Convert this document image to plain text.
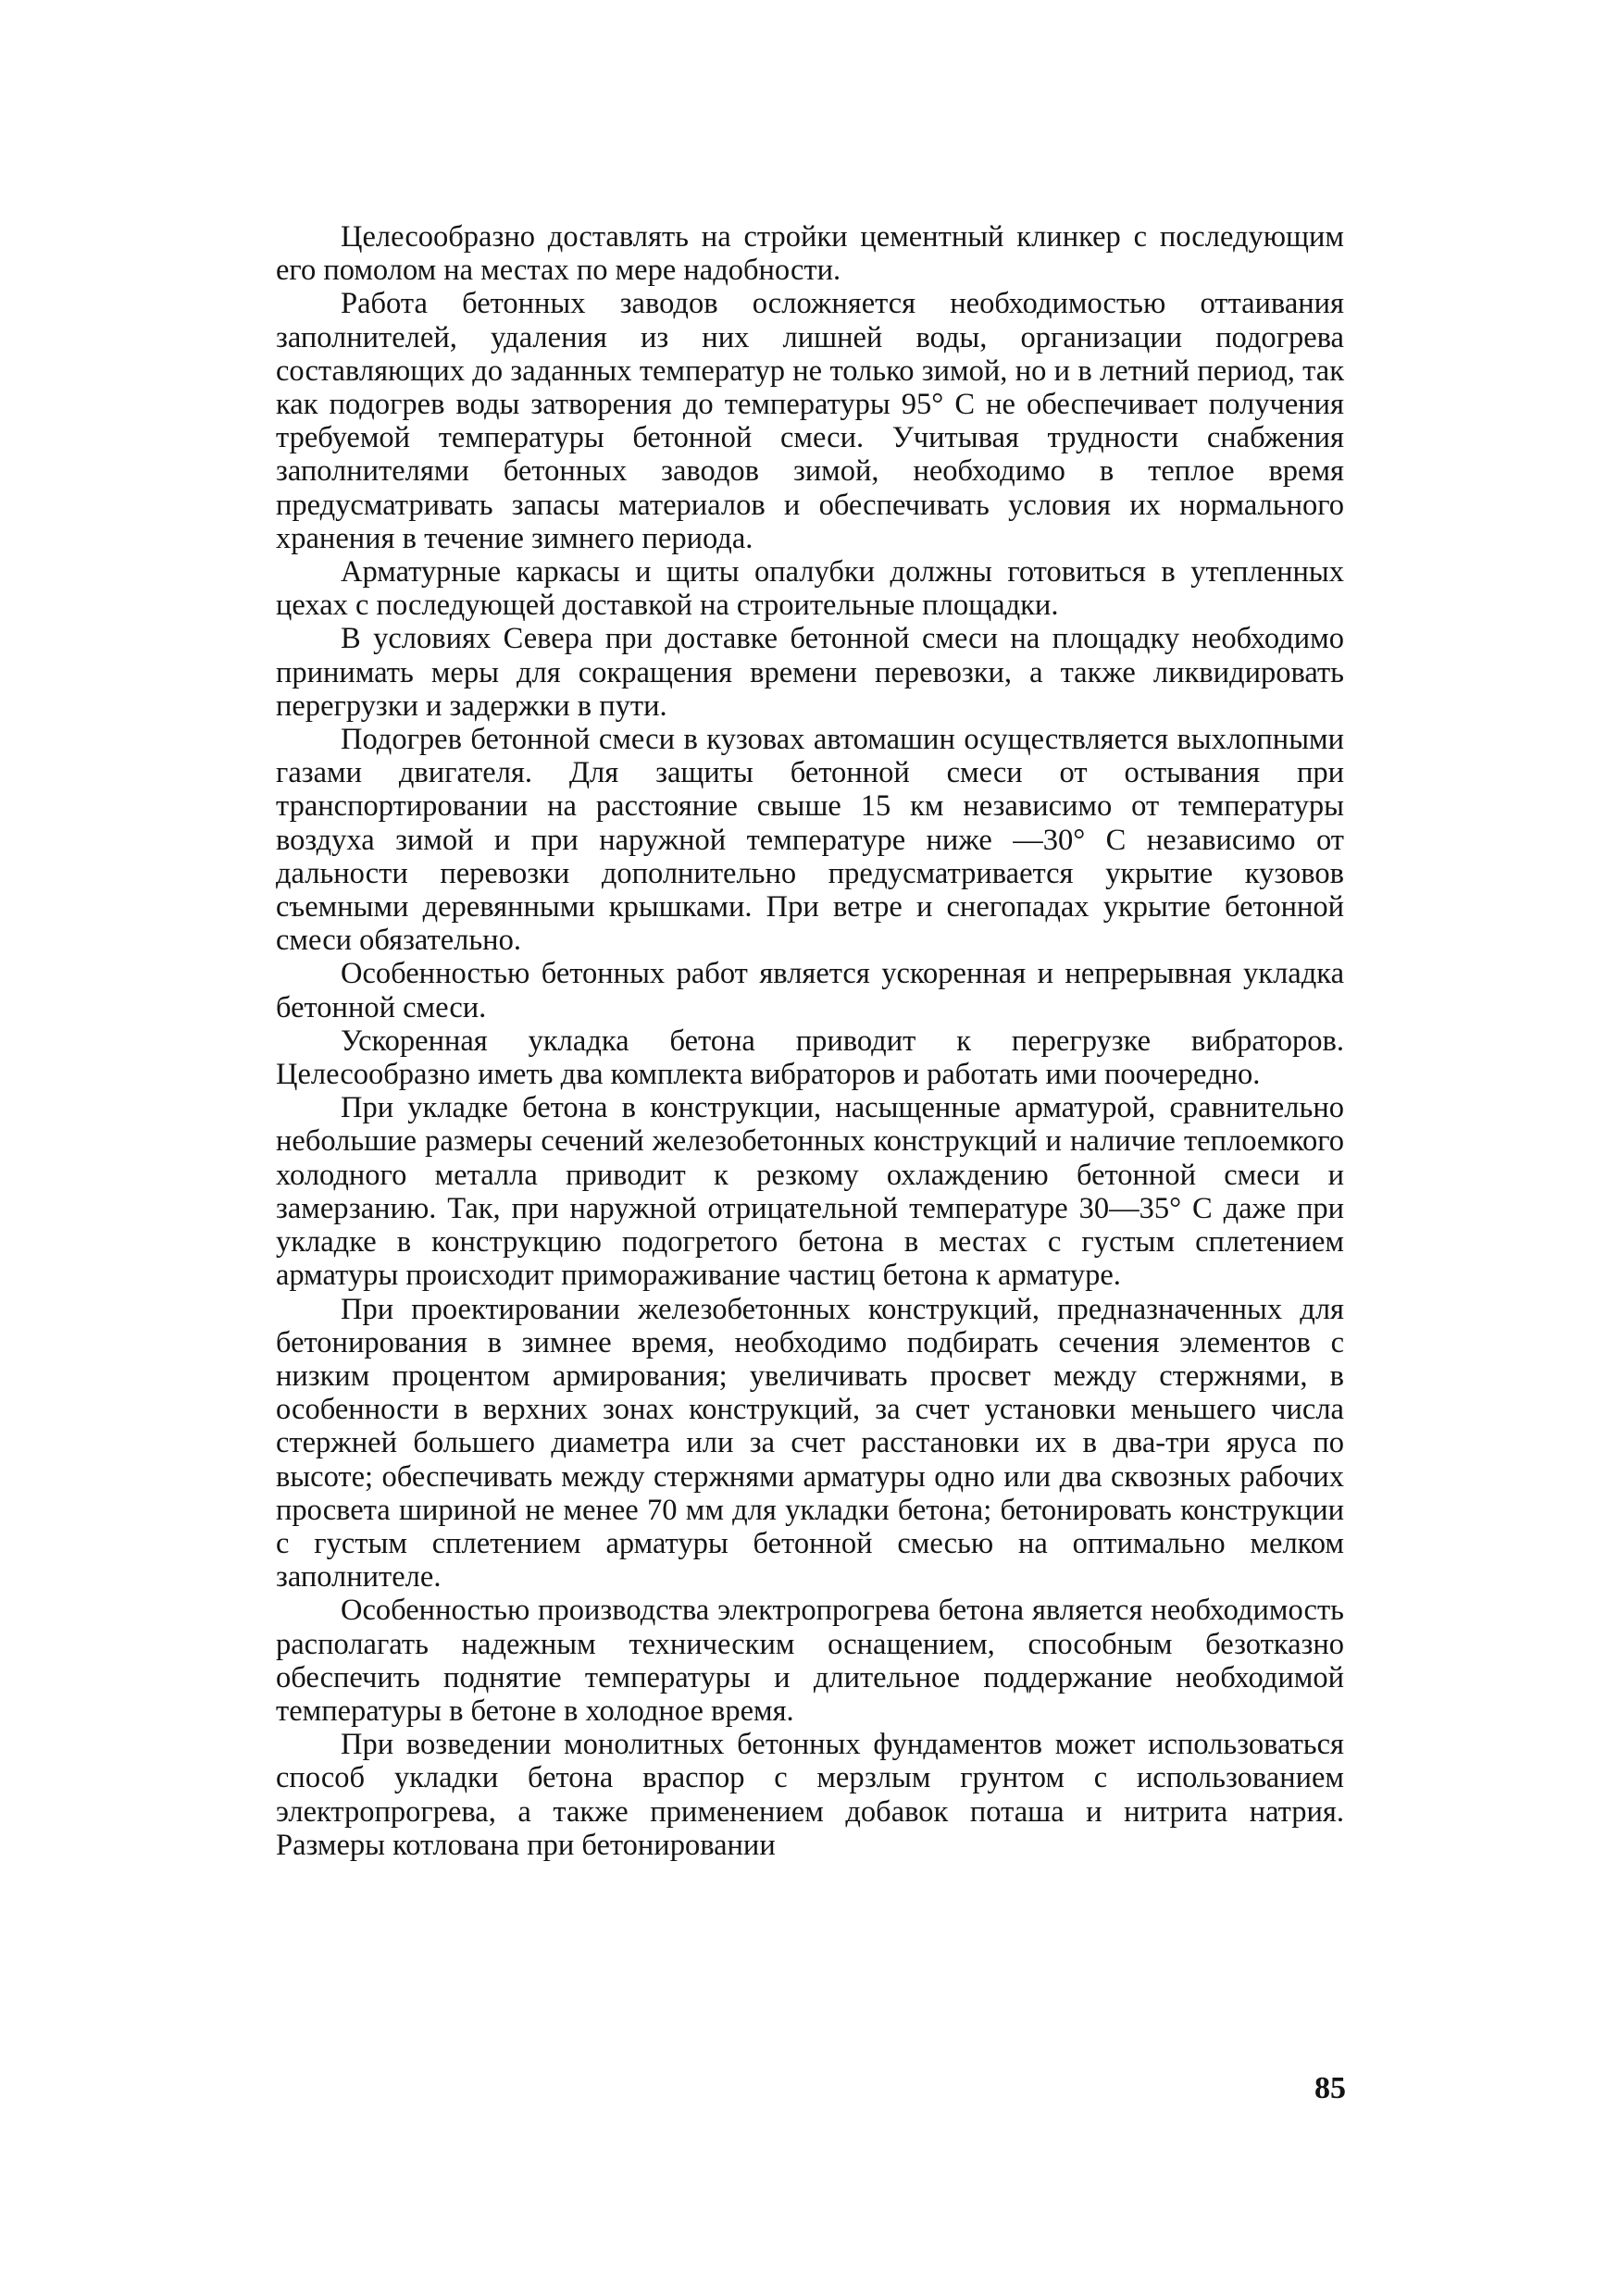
Целесообразно доставлять на стройки цементный клинкер с последующим его помолом на местах по мере надобности.

Работа бетонных заводов осложняется необходимостью оттаивания заполнителей, удаления из них лишней воды, организации подогрева составляющих до заданных температур не только зимой, но и в летний период, так как подогрев воды затворения до температуры 95° С не обеспечивает получения требуемой температуры бетонной смеси. Учитывая трудности снабжения заполнителями бетонных заводов зимой, необходимо в теплое время предусматривать запасы материалов и обеспечивать условия их нормального хранения в течение зимнего периода.

Арматурные каркасы и щиты опалубки должны готовиться в утепленных цехах с последующей доставкой на строительные площадки.

В условиях Севера при доставке бетонной смеси на площадку необходимо принимать меры для сокращения времени перевозки, а также ликвидировать перегрузки и задержки в пути.

Подогрев бетонной смеси в кузовах автомашин осуществляется выхлопными газами двигателя. Для защиты бетонной смеси от остывания при транспортировании на расстояние свыше 15 км независимо от температуры воздуха зимой и при наружной температуре ниже —30° С независимо от дальности перевозки дополнительно предусматривается укрытие кузовов съемными деревянными крышками. При ветре и снегопадах укрытие бетонной смеси обязательно.

Особенностью бетонных работ является ускоренная и непрерывная укладка бетонной смеси.

Ускоренная укладка бетона приводит к перегрузке вибраторов. Целесообразно иметь два комплекта вибраторов и работать ими поочередно.

При укладке бетона в конструкции, насыщенные арматурой, сравнительно небольшие размеры сечений железобетонных конструкций и наличие теплоемкого холодного металла приводит к резкому охлаждению бетонной смеси и замерзанию. Так, при наружной отрицательной температуре 30—35° С даже при укладке в конструкцию подогретого бетона в местах с густым сплетением арматуры происходит примораживание частиц бетона к арматуре.

При проектировании железобетонных конструкций, предназначенных для бетонирования в зимнее время, необходимо подбирать сечения элементов с низким процентом армирования; увеличивать просвет между стержнями, в особенности в верхних зонах конструкций, за счет установки меньшего числа стержней большего диаметра или за счет расстановки их в два-три яруса по высоте; обеспечивать между стержнями арматуры одно или два сквозных рабочих просвета шириной не менее 70 мм для укладки бетона; бетонировать конструкции с густым сплетением арматуры бетонной смесью на оптимально мелком заполнителе.

Особенностью производства электропрогрева бетона является необходимость располагать надежным техническим оснащением, способным безотказно обеспечить поднятие температуры и длительное поддержание необходимой температуры в бетоне в холодное время.

При возведении монолитных бетонных фундаментов может использоваться способ укладки бетона враспор с мерзлым грунтом с использованием электропрогрева, а также применением добавок поташа и нитрита натрия. Размеры котлована при бетонировании

85
